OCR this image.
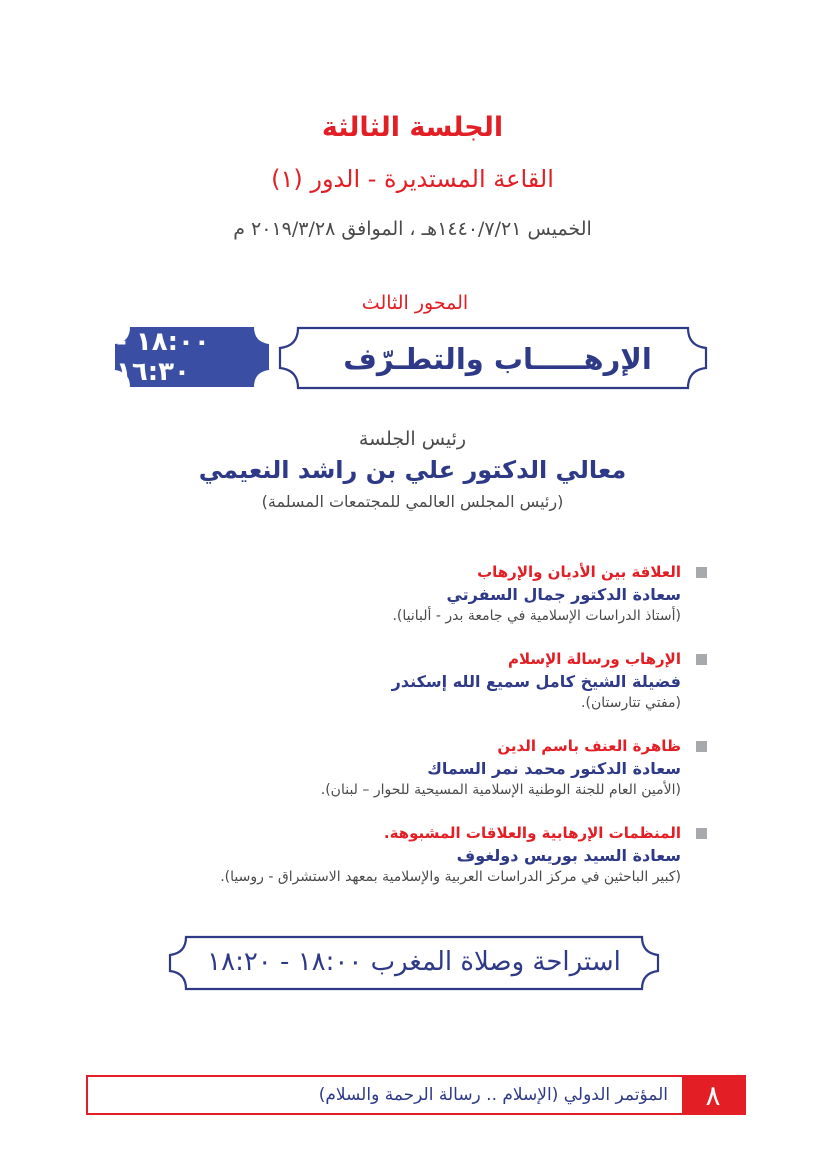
الجلسة الثالثة
القاعة المستديرة - الدور (١)
الخميس ١٤٤٠/٧/٢١هـ ، الموافق ٢٠١٩/٣/٢٨ م
المحور الثالث
الإرهـــــاب والتطـرّف
١٨:٠٠ - ١٦:٣٠
رئيس الجلسة
معالي الدكتور علي بن راشد النعيمي
(رئيس المجلس العالمي للمجتمعات المسلمة)
العلاقة بين الأديان والإرهاب
سعادة الدكتور جمال السفرتي
(أستاذ الدراسات الإسلامية في جامعة بدر - ألبانيا).
الإرهاب ورسالة الإسلام
فضيلة الشيخ كامل سميع الله إسكندر
(مفتي تتارستان).
ظاهرة العنف باسم الدين
سعادة الدكتور محمد نمر السماك
(الأمين العام للجنة الوطنية الإسلامية المسيحية للحوار – لبنان).
المنظمات الإرهابية والعلاقات المشبوهة.
سعادة السيد بوريس دولغوف
(كبير الباحثين في مركز الدراسات العربية والإسلامية بمعهد الاستشراق - روسيا).
استراحة وصلاة المغرب ١٨:٠٠ - ١٨:٢٠
٨
المؤتمر الدولي (الإسلام .. رسالة الرحمة والسلام)
